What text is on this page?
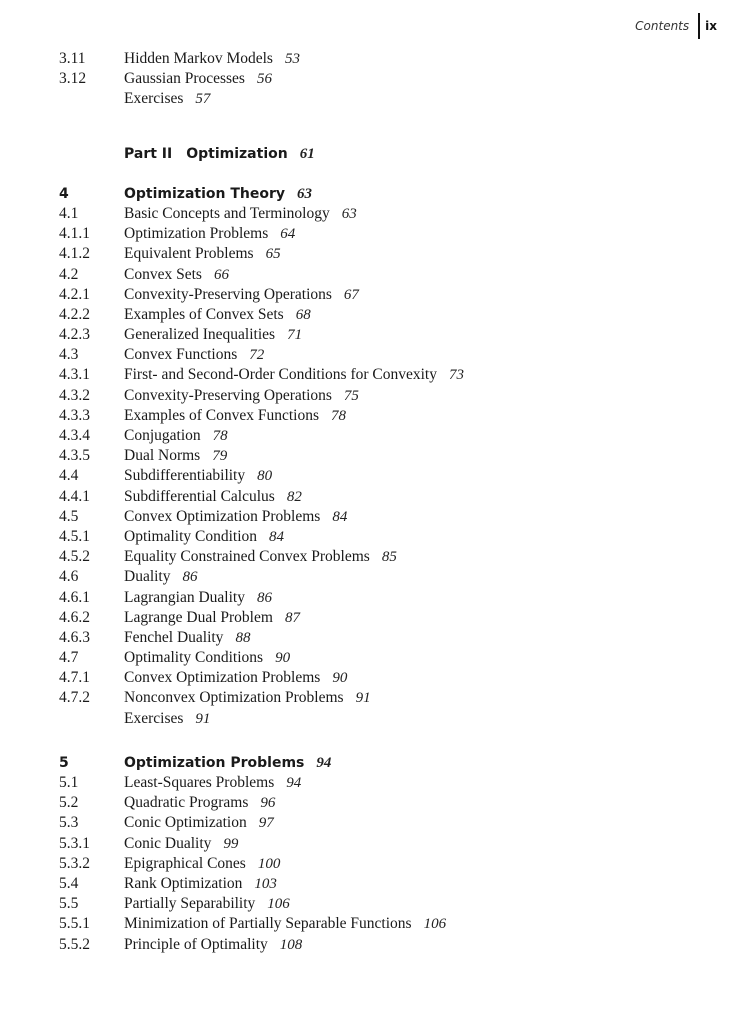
Contents ix
3.11 Hidden Markov Models 53
3.12 Gaussian Processes 56
Exercises 57
Part II Optimization 61
4	Optimization Theory 63
4.1	Basic Concepts and Terminology 63
4.1.1 Optimization Problems 64
4.1.2 Equivalent Problems 65
4.2	Convex Sets 66
4.2.1 Convexity-Preserving Operations 67
4.2.2 Examples of Convex Sets 68
4.2.3 Generalized Inequalities 71
4.3	Convex Functions 72
4.3.1 First- and Second-Order Conditions for Convexity 73
4.3.2 Convexity-Preserving Operations 75
4.3.3 Examples of Convex Functions 78
4.3.4 Conjugation 78
4.3.5 Dual Norms 79
4.4	Subdifferentiability 80
4.4.1 Subdifferential Calculus 82
4.5	Convex Optimization Problems 84
4.5.1 Optimality Condition 84
4.5.2 Equality Constrained Convex Problems 85
4.6	Duality 86
4.6.1 Lagrangian Duality 86
4.6.2 Lagrange Dual Problem 87
4.6.3 Fenchel Duality 88
4.7	Optimality Conditions 90
4.7.1 Convex Optimization Problems 90
4.7.2 Nonconvex Optimization Problems 91
Exercises 91
5	Optimization Problems 94
5.1	Least-Squares Problems 94
5.2	Quadratic Programs 96
5.3	Conic Optimization 97
5.3.1 Conic Duality 99
5.3.2 Epigraphical Cones 100
5.4	Rank Optimization 103
5.5	Partially Separability 106
5.5.1 Minimization of Partially Separable Functions 106
5.5.2 Principle of Optimality 108
